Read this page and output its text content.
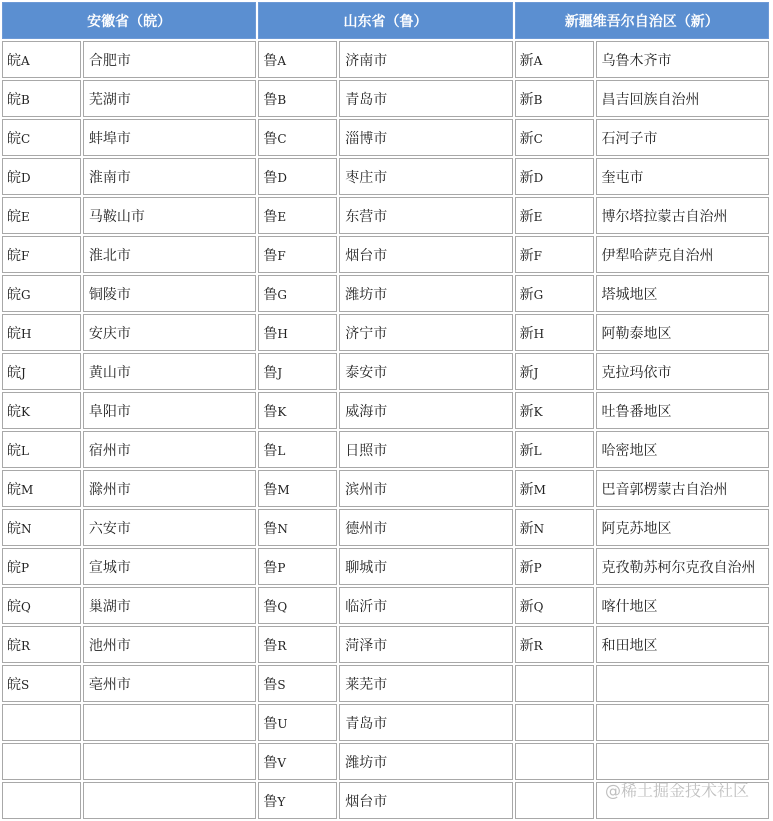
安徽省（皖）		山东省（鲁）		新疆维吾尔自治区（新）	
皖A	合肥市	鲁A	济南市	新A	乌鲁木齐市
皖B	芜湖市	鲁B	青岛市	新B	昌吉回族自治州
皖C	蚌埠市	鲁C	淄博市	新C	石河子市
皖D	淮南市	鲁D	枣庄市	新D	奎屯市
皖E	马鞍山市	鲁E	东营市	新E	博尔塔拉蒙古自治州
皖F	淮北市	鲁F	烟台市	新F	伊犁哈萨克自治州
皖G	铜陵市	鲁G	潍坊市	新G	塔城地区
皖H	安庆市	鲁H	济宁市	新H	阿勒泰地区
皖J	黄山市	鲁J	泰安市	新J	克拉玛依市
皖K	阜阳市	鲁K	威海市	新K	吐鲁番地区
皖L	宿州市	鲁L	日照市	新L	哈密地区
皖M	滁州市	鲁M	滨州市	新M	巴音郭楞蒙古自治州
皖N	六安市	鲁N	德州市	新N	阿克苏地区
皖P	宣城市	鲁P	聊城市	新P	克孜勒苏柯尔克孜自治州
皖Q	巢湖市	鲁Q	临沂市	新Q	喀什地区
皖R	池州市	鲁R	菏泽市	新R	和田地区
皖S	亳州市	鲁S	莱芜市		
		鲁U	青岛市		
		鲁V	潍坊市		
		鲁Y	烟台市		
@稀土掘金技术社区
